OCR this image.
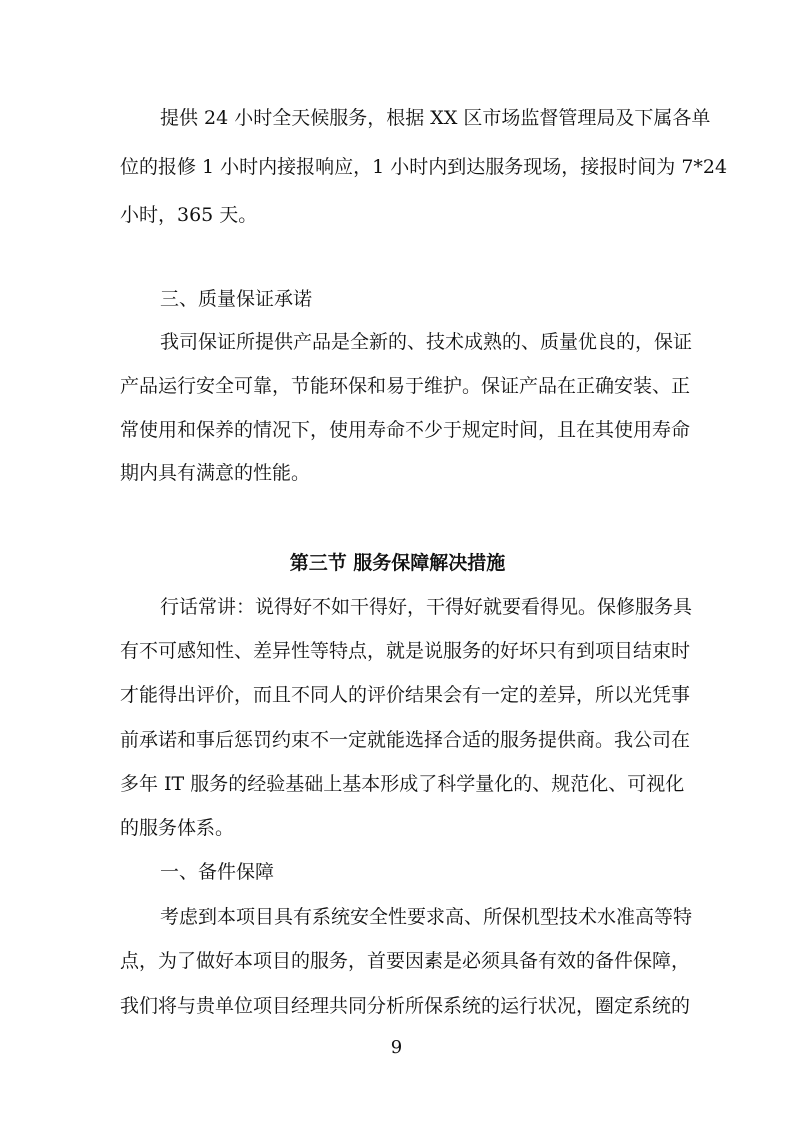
提供 24 小时全天候服务，根据 XX 区市场监督管理局及下属各单
位的报修 1 小时内接报响应，1 小时内到达服务现场，接报时间为 7*24
小时，365 天。
三、质量保证承诺
我司保证所提供产品是全新的、技术成熟的、质量优良的，保证
产品运行安全可靠，节能环保和易于维护。保证产品在正确安装、正
常使用和保养的情况下，使用寿命不少于规定时间，且在其使用寿命
期内具有满意的性能。
第三节 服务保障解决措施
行话常讲：说得好不如干得好，干得好就要看得见。保修服务具
有不可感知性、差异性等特点，就是说服务的好坏只有到项目结束时
才能得出评价，而且不同人的评价结果会有一定的差异，所以光凭事
前承诺和事后惩罚约束不一定就能选择合适的服务提供商。我公司在
多年 IT 服务的经验基础上基本形成了科学量化的、规范化、可视化
的服务体系。
一、备件保障
考虑到本项目具有系统安全性要求高、所保机型技术水准高等特
点，为了做好本项目的服务，首要因素是必须具备有效的备件保障，
我们将与贵单位项目经理共同分析所保系统的运行状况，圈定系统的
9
